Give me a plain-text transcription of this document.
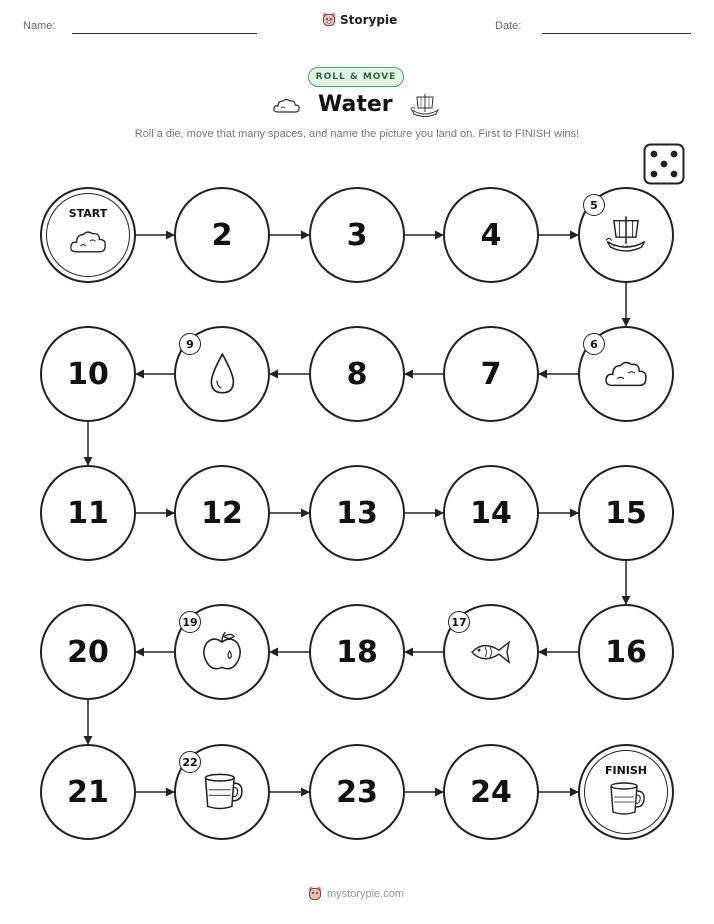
Name:	Storypie	Date:
ROLL & MOVE
Water
Roll a die, move that many spaces, and name the picture you land on. First to FINISH wins!
START
2	3	4
5
6
7
8
9
10
11	12	13	14	15
16
17
18
19
20
21
22
23	24
FINISH
mystorypie.com
